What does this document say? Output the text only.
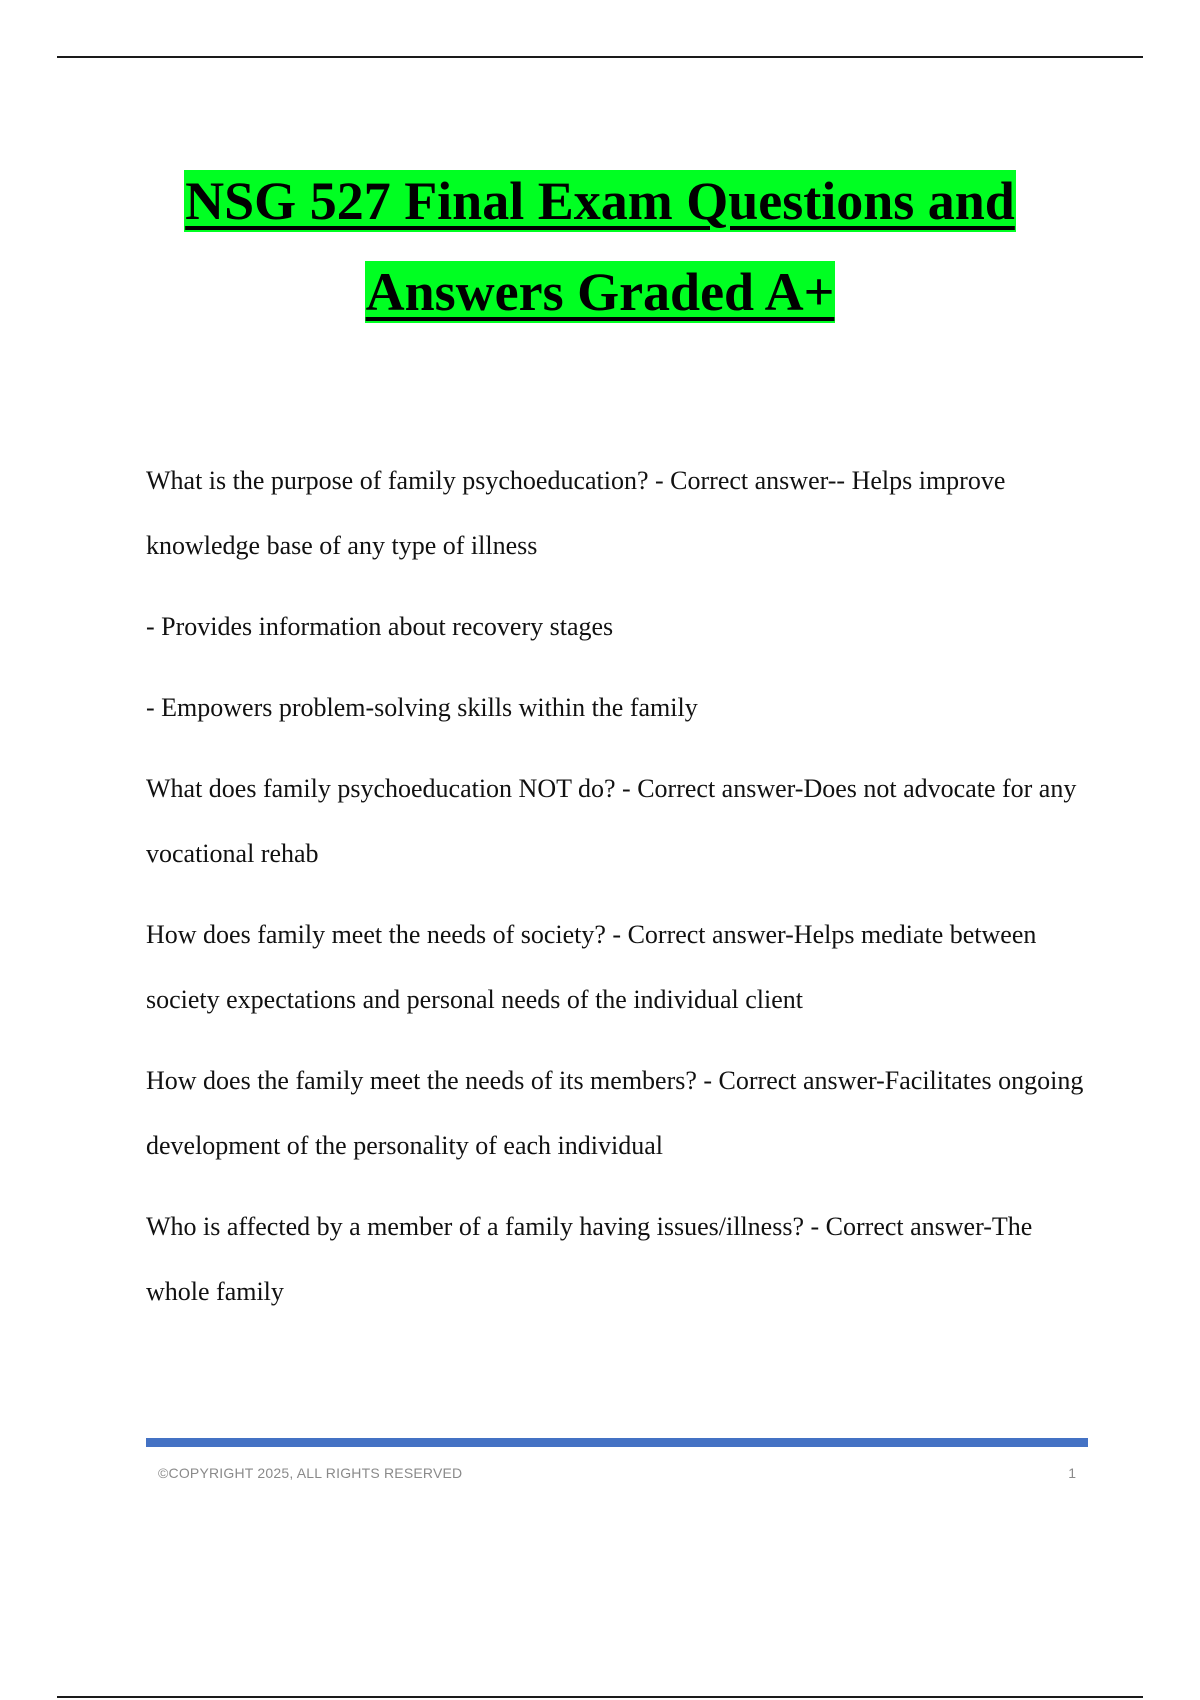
NSG 527 Final Exam Questions and
Answers Graded A+

What is the purpose of family psychoeducation? - Correct answer-- Helps improve knowledge base of any type of illness

- Provides information about recovery stages

- Empowers problem-solving skills within the family

What does family psychoeducation NOT do? - Correct answer-Does not advocate for any vocational rehab

How does family meet the needs of society? - Correct answer-Helps mediate between society expectations and personal needs of the individual client

How does the family meet the needs of its members? - Correct answer-Facilitates ongoing development of the personality of each individual

Who is affected by a member of a family having issues/illness? - Correct answer-The whole family

©COPYRIGHT 2025, ALL RIGHTS RESERVED	1
